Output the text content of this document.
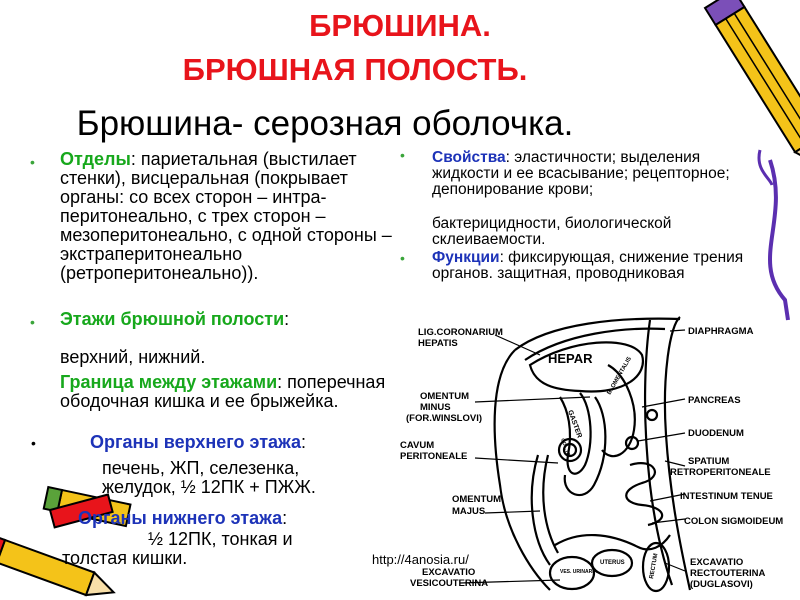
БРЮШИНА.
БРЮШНАЯ ПОЛОСТЬ.
Брюшина- серозная оболочка.
• Отделы: париетальная (выстилает стенки), висцеральная (покрывает органы: со всех сторон – интра-перитонеально, с трех сторон – мезоперитонеально, с одной стороны – экстраперитонеально (ретроперитонеально)).
• Этажи брюшной полости:
верхний, нижний.
Граница между этажами: поперечная ободочная кишка и ее брыжейка.
•	Органы верхнего этажа:
печень, ЖП, селезенка, желудок, ½ 12ПК + ПЖЖ.
Органы нижнего этажа:
½ 12ПК, тонкая и толстая кишки.
• Свойства: эластичности; выделения жидкости и ее всасывание; рецепторное; депонирование крови;
бактерицидности, биологической склеиваемости.
• Функции: фиксирующая, снижение трения органов. защитная, проводниковая
HEPAR
GASTER
B. OMENTALIS
COL.TR
VES. URINARIA
UTERUS	RECTUM
LIG.CORONARIUM
HEPATIS
OMENTUM
MINUS
(FOR.WINSLOVI)
CAVUM
PERITONEALE
OMENTUM
MAJUS
EXCAVATIO
VESICOUTERINA
DIAPHRAGMA
PANCREAS
DUODENUM
SPATIUM
RETROPERITONEALE
INTESTINUM TENUE
COLON SIGMOIDEUM
EXCAVATIO
RECTOUTERINA
(DUGLASOVI)
http://4anosia.ru/
